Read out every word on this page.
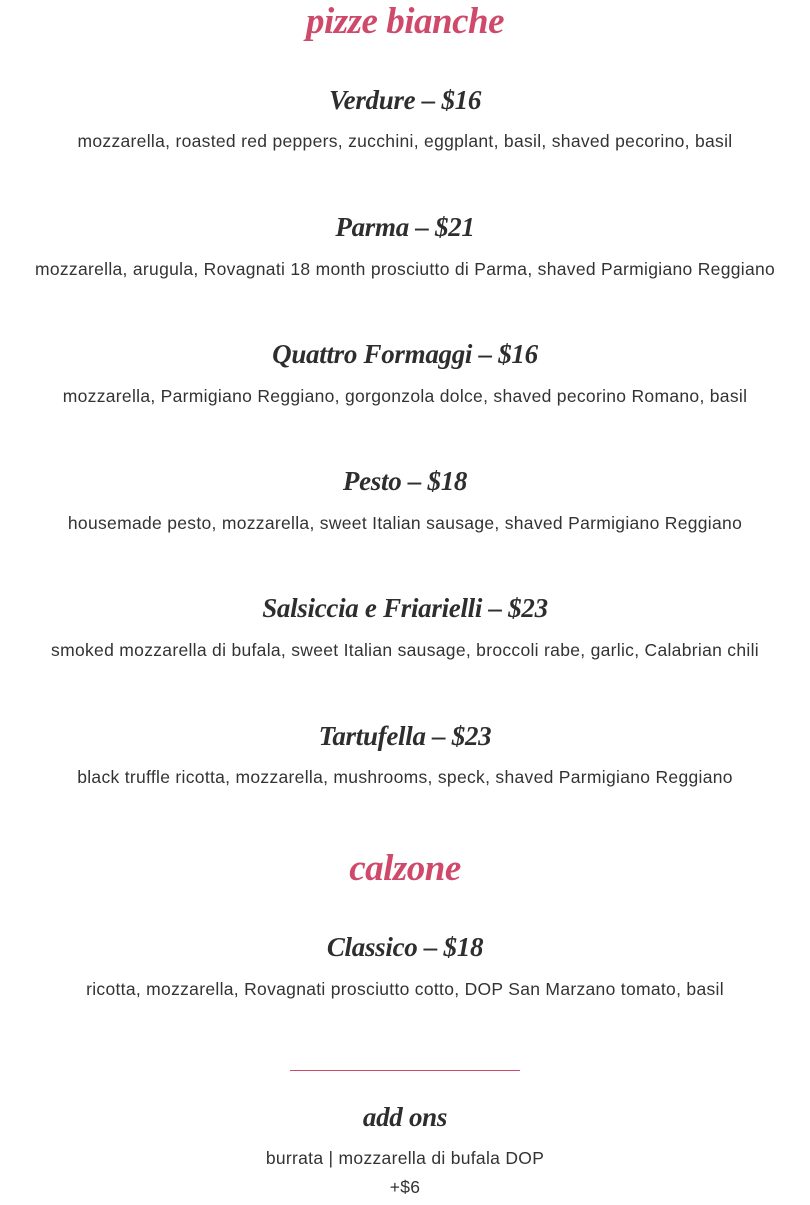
pizze bianche
Verdure – $16

mozzarella, roasted red peppers, zucchini, eggplant, basil, shaved pecorino, basil

Parma – $21

mozzarella, arugula, Rovagnati 18 month prosciutto di Parma, shaved Parmigiano Reggiano

Quattro Formaggi – $16

mozzarella, Parmigiano Reggiano, gorgonzola dolce, shaved pecorino Romano, basil

Pesto – $18

housemade pesto, mozzarella, sweet Italian sausage, shaved Parmigiano Reggiano

Salsiccia e Friarielli – $23

smoked mozzarella di bufala, sweet Italian sausage, broccoli rabe, garlic, Calabrian chili

Tartufella – $23

black truffle ricotta, mozzarella, mushrooms, speck, shaved Parmigiano Reggiano

calzone
Classico – $18

ricotta, mozzarella, Rovagnati prosciutto cotto, DOP San Marzano tomato, basil

add ons

burrata | mozzarella di bufala DOP

+$6
